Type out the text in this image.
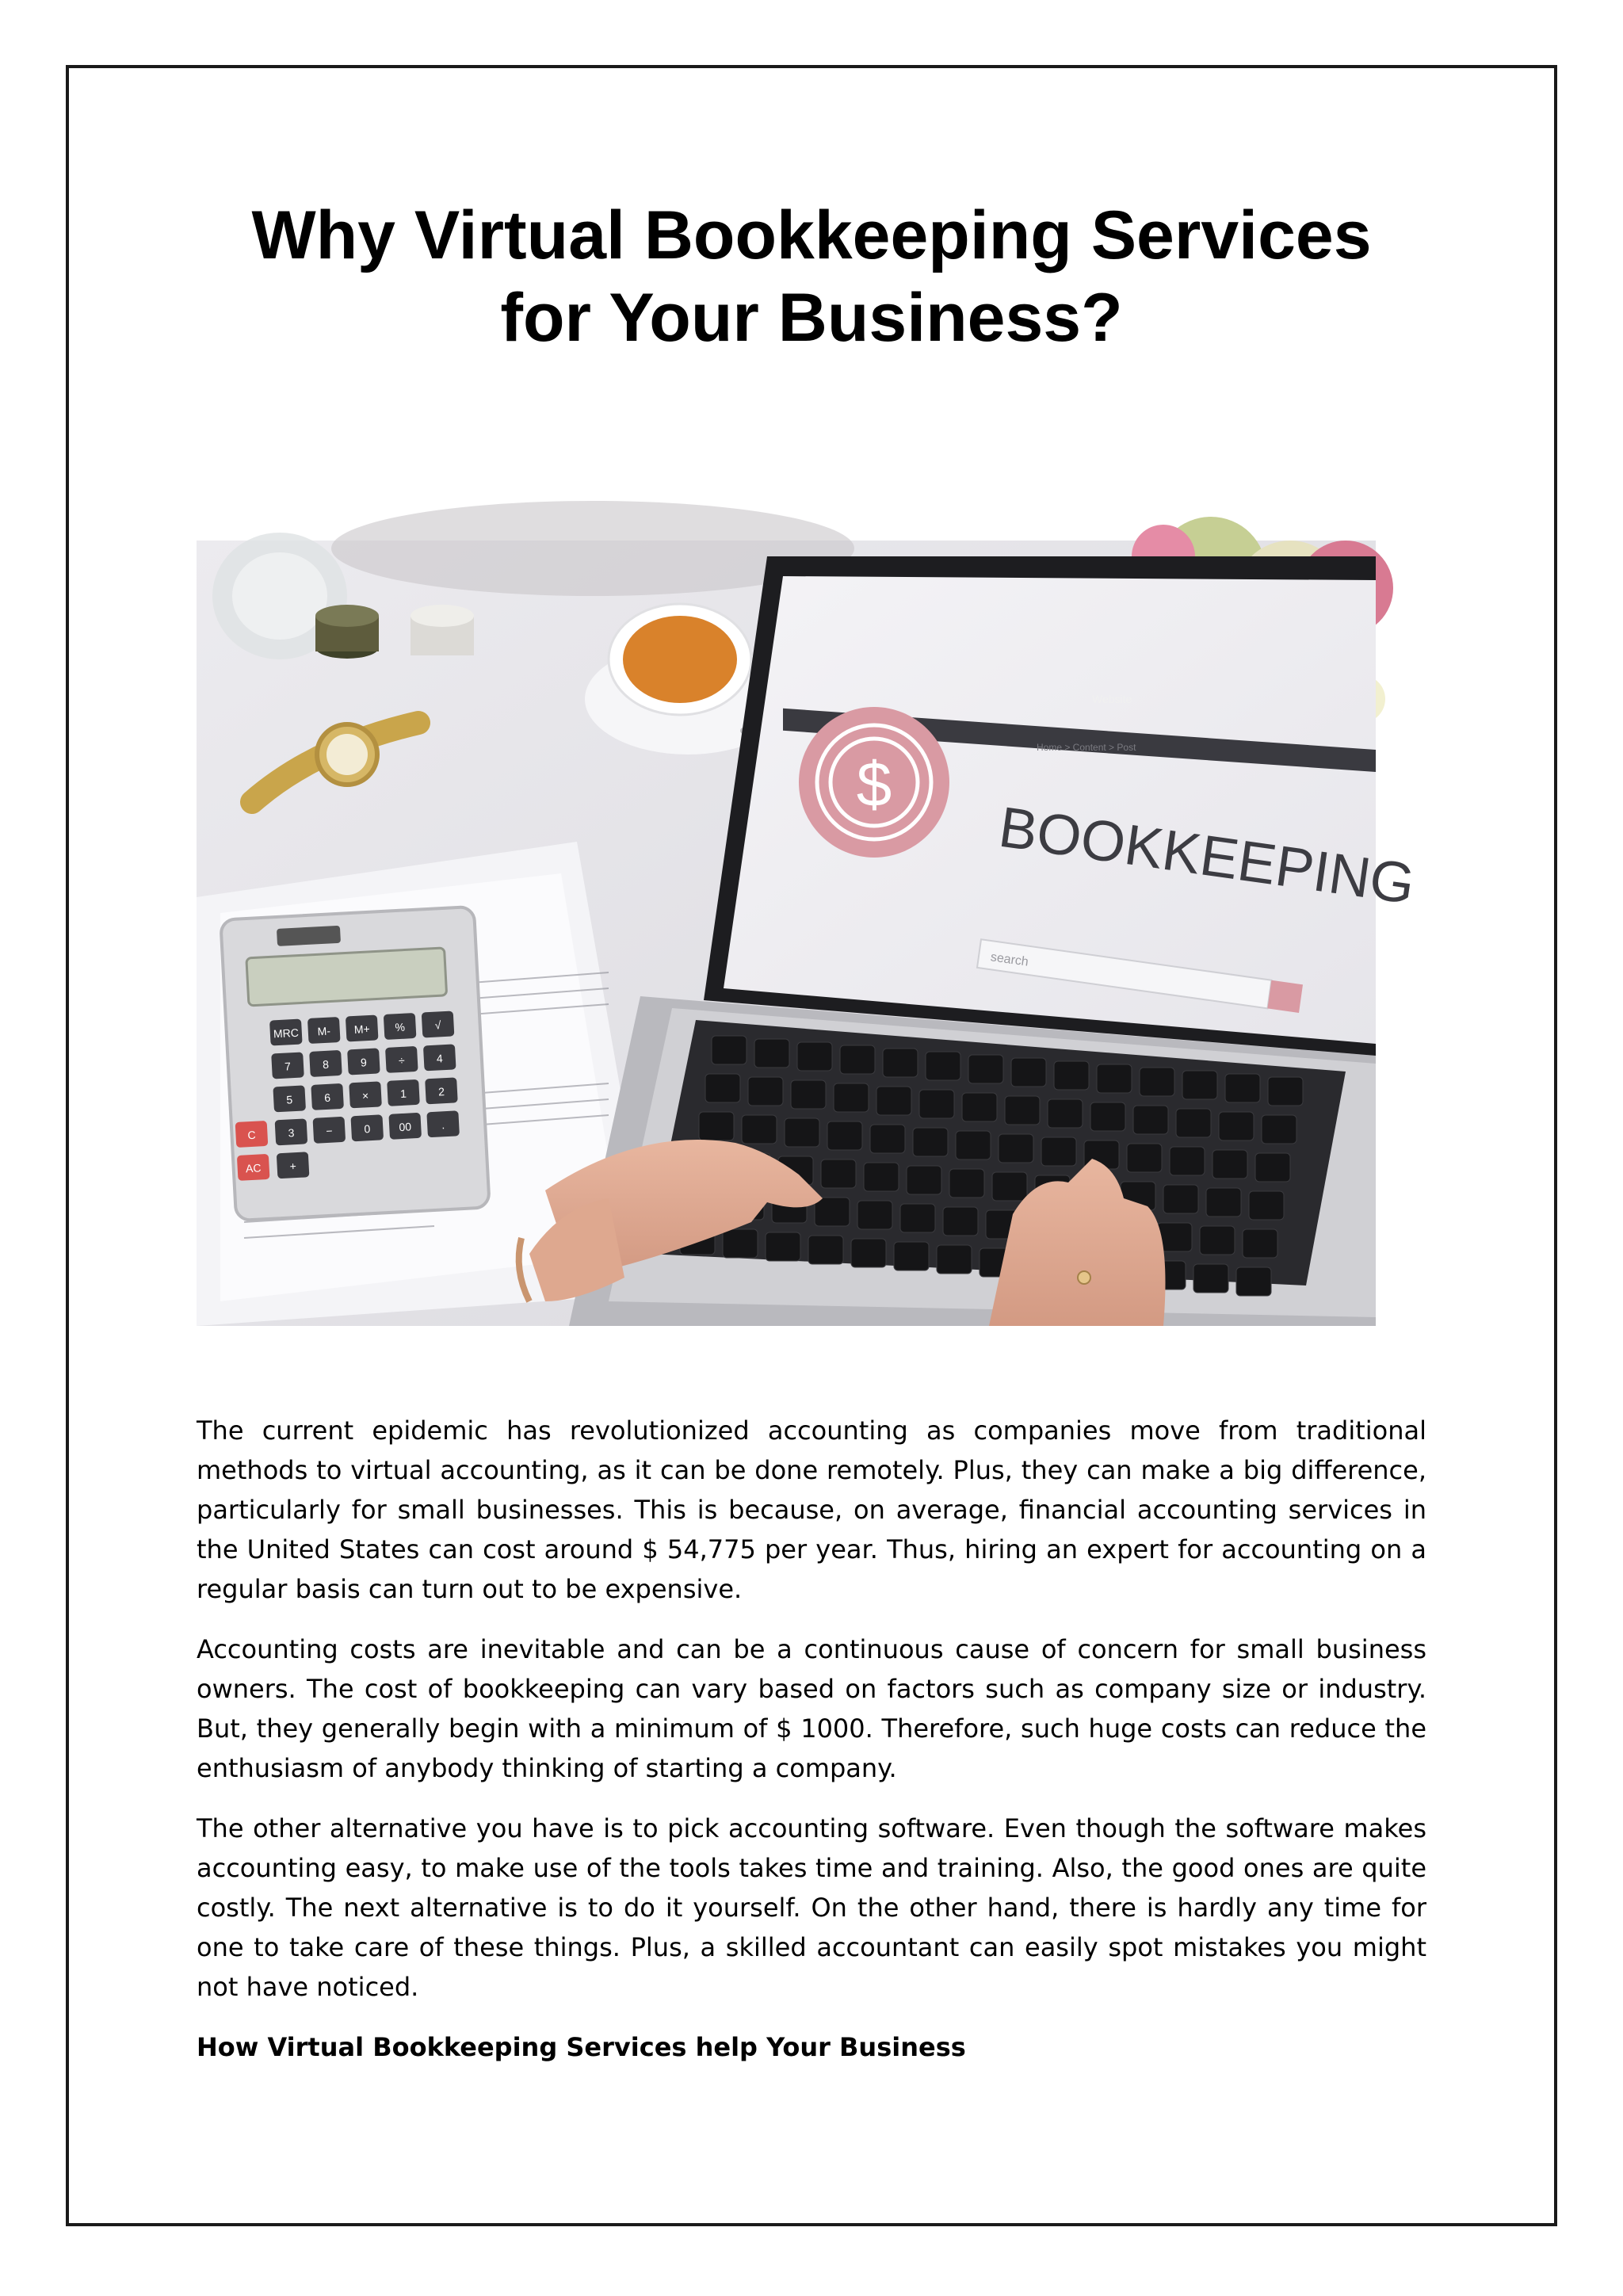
Why Virtual Bookkeeping Services
for Your Business?
MRC M- M+ %	√
7	8	9	÷	4
5	6	×	1	2
3	−	0	00	.
+
C
AC
Website
Home > Content > Post
$
BOOKKEEPING
search

The current epidemic has revolutionized accounting as companies move from traditional methods to virtual accounting, as it can be done remotely. Plus, they can make a big difference, particularly for small businesses. This is because, on average, financial accounting services in the United States can cost around $ 54,775 per year. Thus, hiring an expert for accounting on a regular basis can turn out to be expensive.

Accounting costs are inevitable and can be a continuous cause of concern for small business owners. The cost of bookkeeping can vary based on factors such as company size or industry. But, they generally begin with a minimum of $ 1000. Therefore, such huge costs can reduce the enthusiasm of anybody thinking of starting a company.

The other alternative you have is to pick accounting software. Even though the software makes accounting easy, to make use of the tools takes time and training. Also, the good ones are quite costly. The next alternative is to do it yourself. On the other hand, there is hardly any time for one to take care of these things. Plus, a skilled accountant can easily spot mistakes you might not have noticed.

How Virtual Bookkeeping Services help Your Business
